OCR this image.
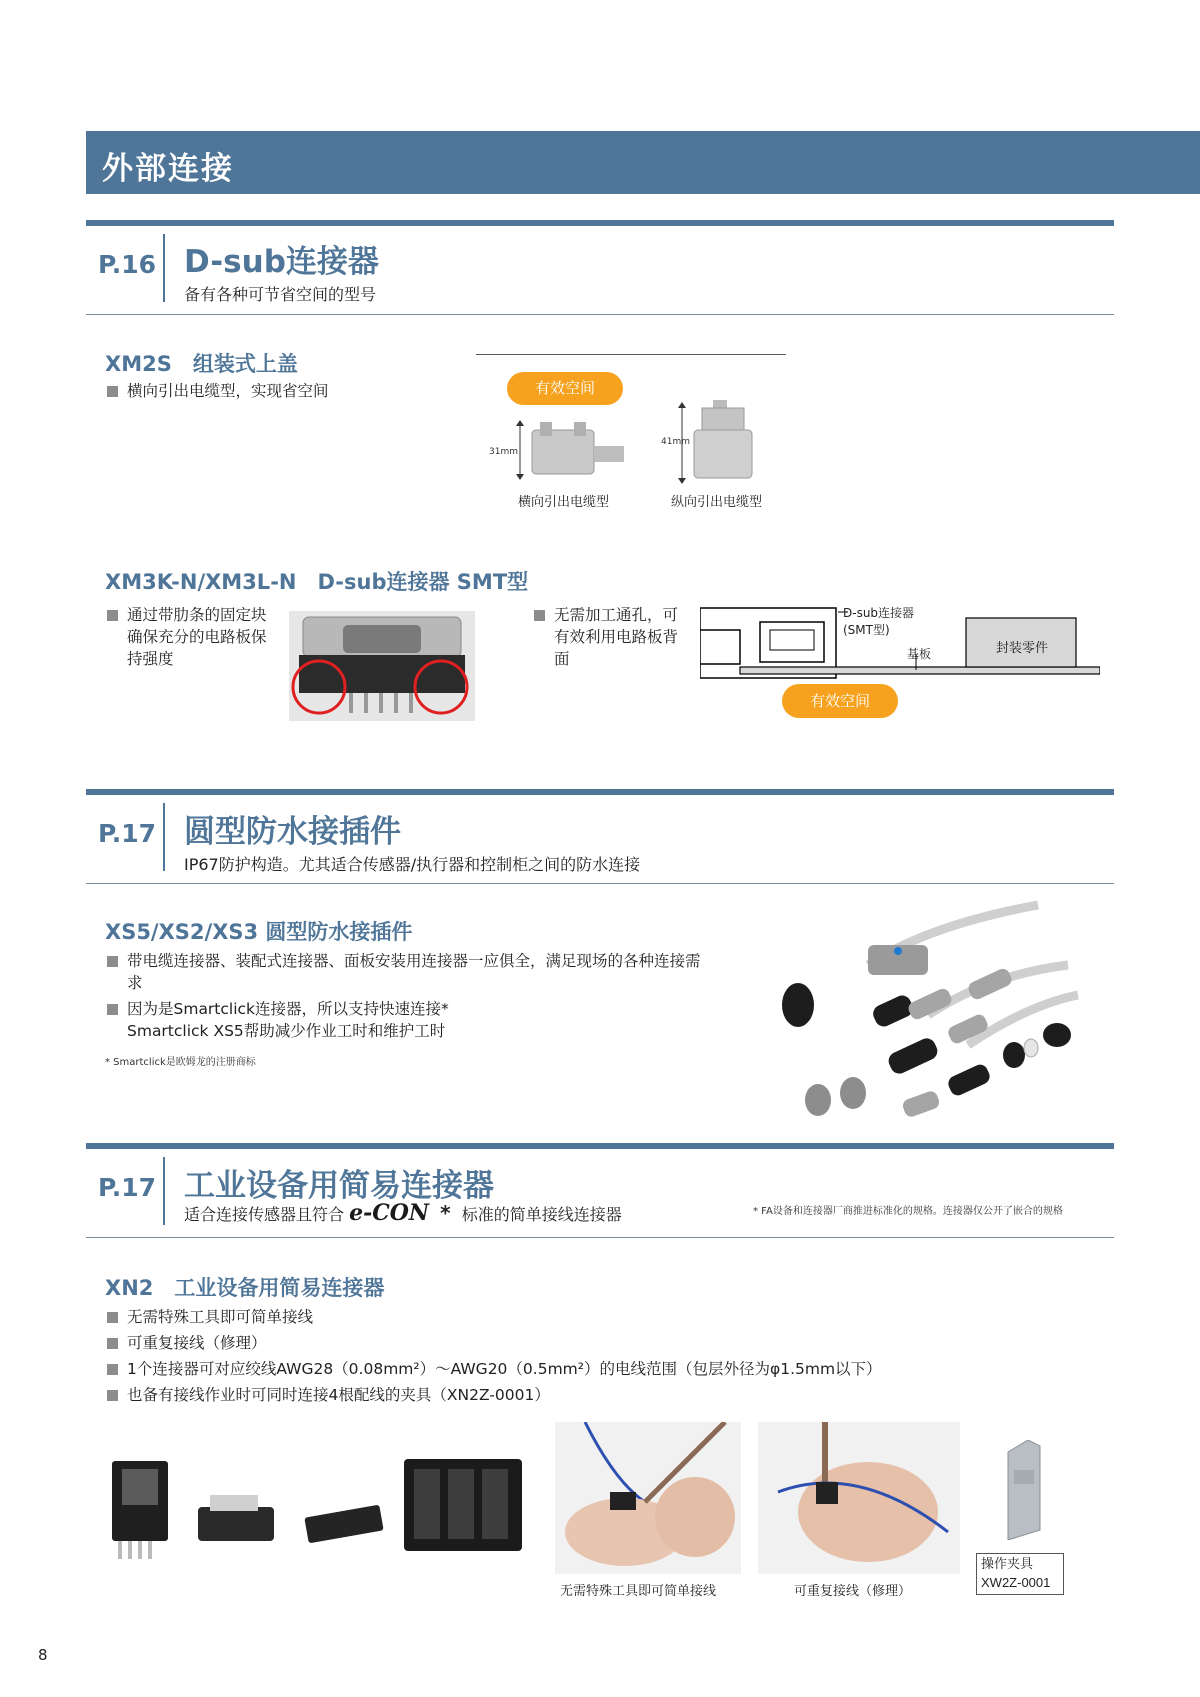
外部连接
P.16 D-sub连接器
备有各种可节省空间的型号
XM2S　组装式上盖
横向引出电缆型，实现省空间	有效空间
31mm
41mm
横向引出电缆型	纵向引出电缆型
XM3K-N/XM3L-N　D-sub连接器 SMT型
通过带肋条的固定块确保充分的电路板保持强度
无需加工通孔，可有效利用电路板背面
D-sub连接器
(SMT型)
基板	封装零件
有效空间
P.17 圆型防水接插件
IP67防护构造。尤其适合传感器/执行器和控制柜之间的防水连接
XS5/XS2/XS3 圆型防水接插件
带电缆连接器、装配式连接器、面板安装用连接器一应俱全，满足现场的各种连接需求
因为是Smartclick连接器，所以支持快速连接*
Smartclick XS5帮助减少作业工时和维护工时
* Smartclick是欧姆龙的注册商标
P.17 工业设备用简易连接器
适合连接传感器且符合 e-CON * 标准的简单接线连接器	* FA设备和连接器厂商推进标准化的规格。连接器仅公开了嵌合的规格
XN2　工业设备用简易连接器
无需特殊工具即可简单接线
可重复接线（修理）
1个连接器可对应绞线AWG28（0.08mm²）～AWG20（0.5mm²）的电线范围（包层外径为φ1.5mm以下）
也备有接线作业时可同时连接4根配线的夹具（XN2Z-0001）
无需特殊工具即可简单接线	可重复接线（修理）
操作夹具
XW2Z-0001
8
